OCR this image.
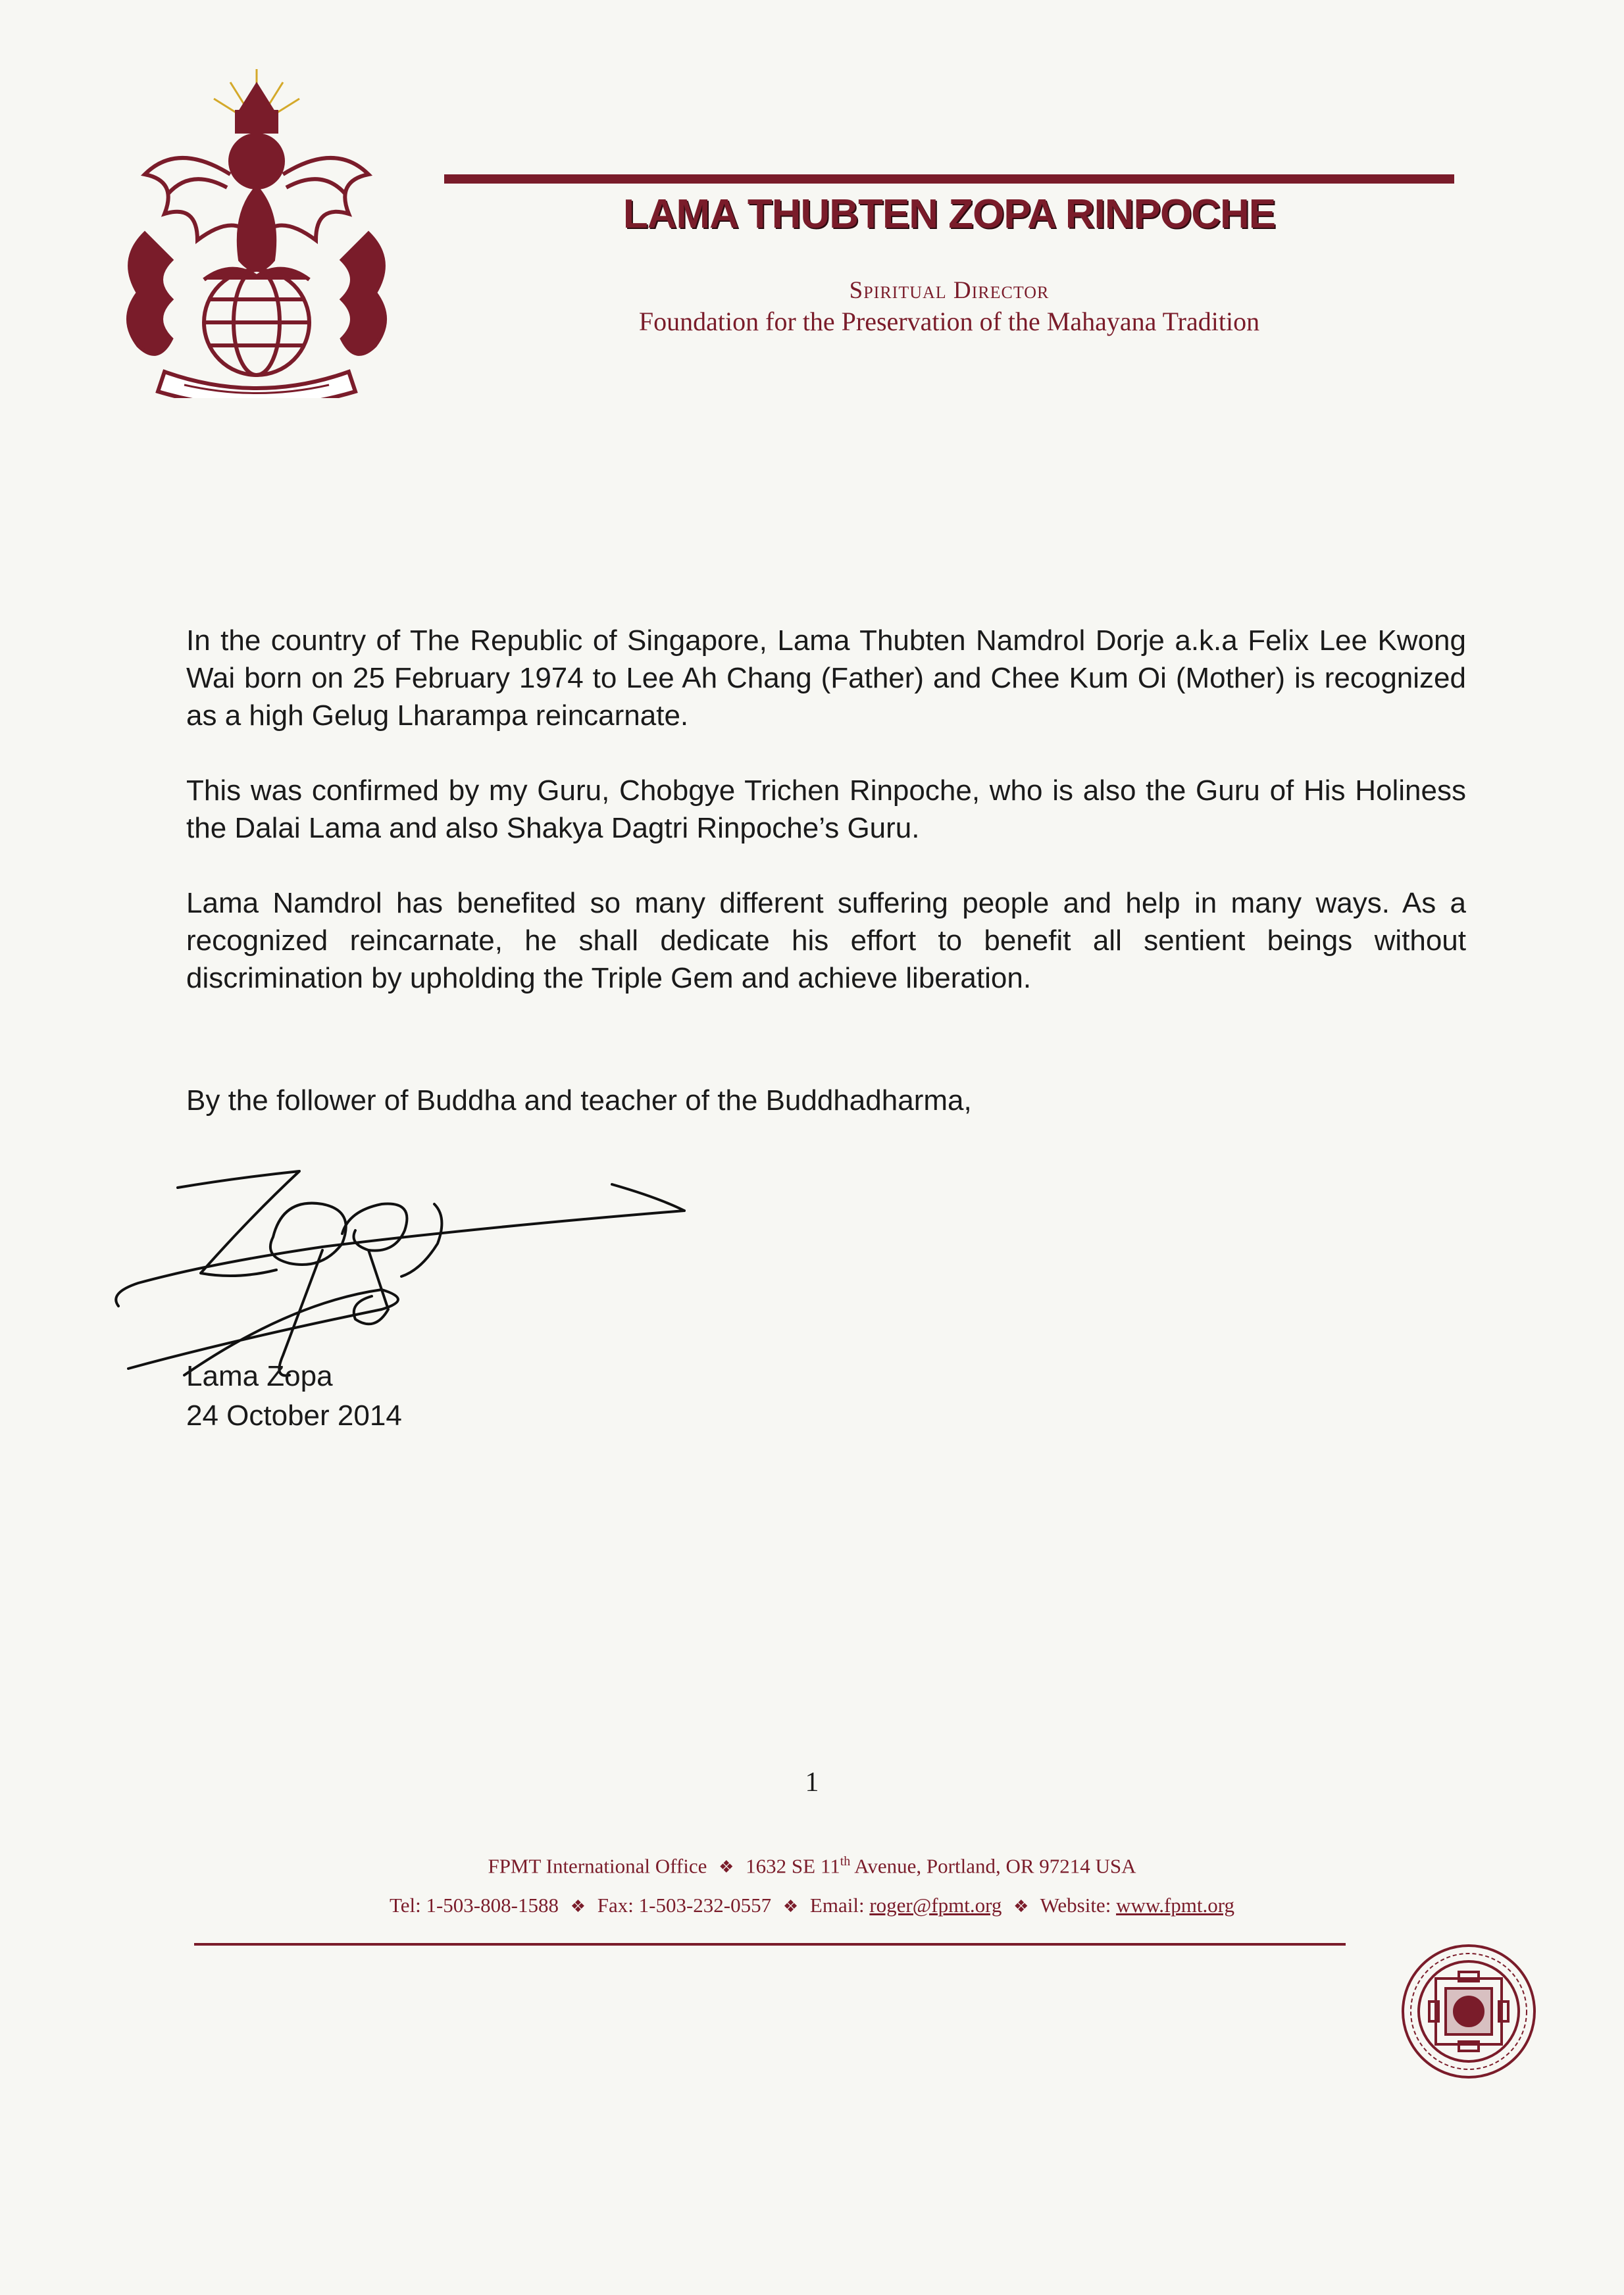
LAMA THUBTEN ZOPA RINPOCHE
Spiritual Director
Foundation for the Preservation of the Mahayana Tradition

In the country of The Republic of Singapore, Lama Thubten Namdrol Dorje a.k.a Felix Lee Kwong Wai born on 25 February 1974 to Lee Ah Chang (Father) and Chee Kum Oi (Mother) is recognized as a high Gelug Lharampa reincarnate.

This was confirmed by my Guru, Chobgye Trichen Rinpoche, who is also the Guru of His Holiness the Dalai Lama and also Shakya Dagtri Rinpoche’s Guru.

Lama Namdrol has benefited so many different suffering people and help in many ways. As a recognized reincarnate, he shall dedicate his effort to benefit all sentient beings without discrimination by upholding the Triple Gem and achieve liberation.

By the follower of Buddha and teacher of the Buddhadharma,
Lama Zopa
24 October 2014
1
FPMT International Office ❖ 1632 SE 11th Avenue, Portland, OR 97214 USA
Tel: 1-503-808-1588 ❖ Fax: 1-503-232-0557 ❖ Email: roger@fpmt.org ❖ Website: www.fpmt.org
